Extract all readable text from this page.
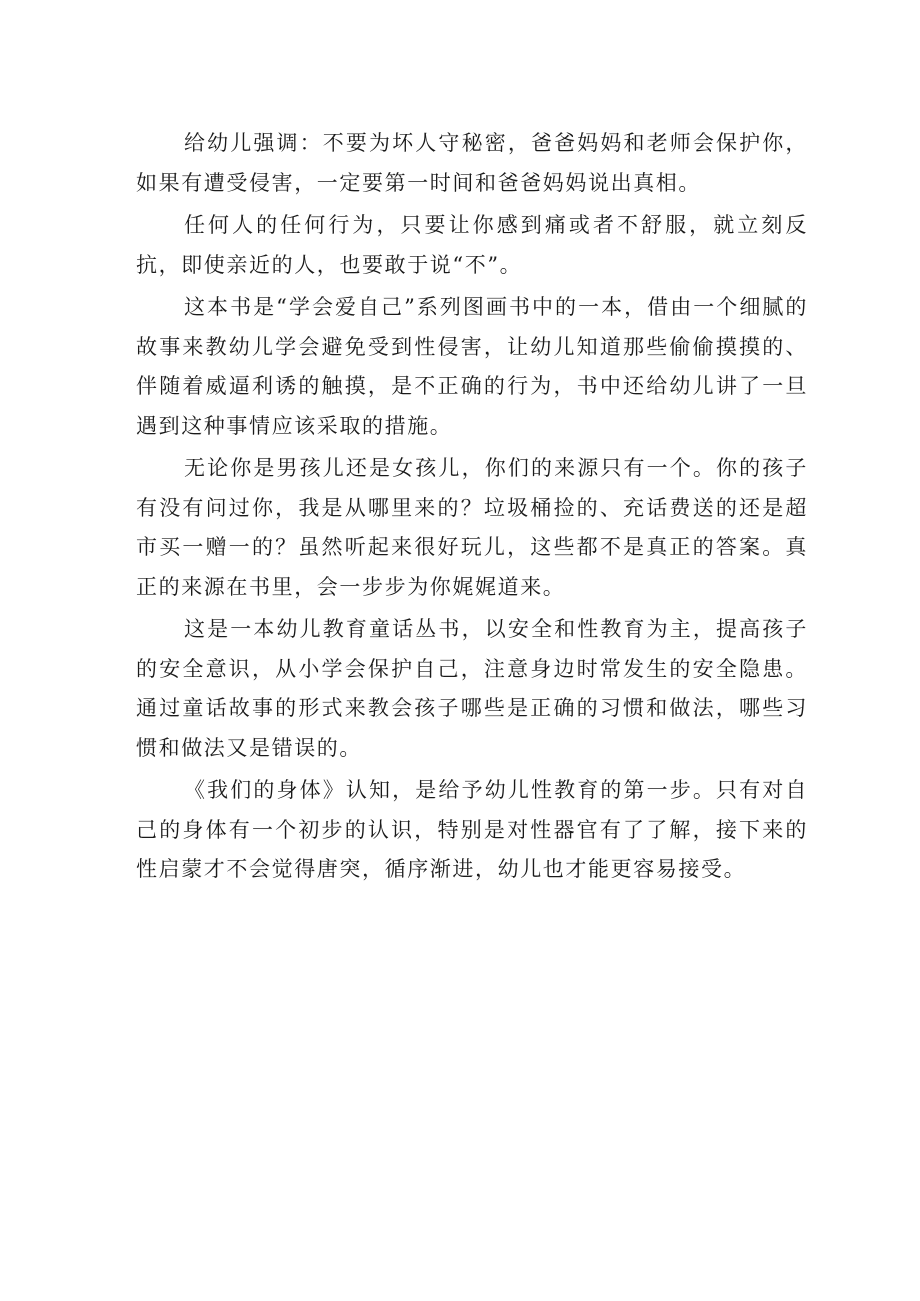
给幼儿强调：不要为坏人守秘密，爸爸妈妈和老师会保护你，如果有遭受侵害，一定要第一时间和爸爸妈妈说出真相。

任何人的任何行为，只要让你感到痛或者不舒服，就立刻反抗，即使亲近的人，也要敢于说“不”。

这本书是“学会爱自己”系列图画书中的一本，借由一个细腻的故事来教幼儿学会避免受到性侵害，让幼儿知道那些偷偷摸摸的、伴随着威逼利诱的触摸，是不正确的行为，书中还给幼儿讲了一旦遇到这种事情应该采取的措施。

无论你是男孩儿还是女孩儿，你们的来源只有一个。你的孩子有没有问过你，我是从哪里来的？垃圾桶捡的、充话费送的还是超市买一赠一的？虽然听起来很好玩儿，这些都不是真正的答案。真正的来源在书里，会一步步为你娓娓道来。

这是一本幼儿教育童话丛书，以安全和性教育为主，提高孩子的安全意识，从小学会保护自己，注意身边时常发生的安全隐患。通过童话故事的形式来教会孩子哪些是正确的习惯和做法，哪些习惯和做法又是错误的。

《我们的身体》认知，是给予幼儿性教育的第一步。只有对自己的身体有一个初步的认识，特别是对性器官有了了解，接下来的性启蒙才不会觉得唐突，循序渐进，幼儿也才能更容易接受。
